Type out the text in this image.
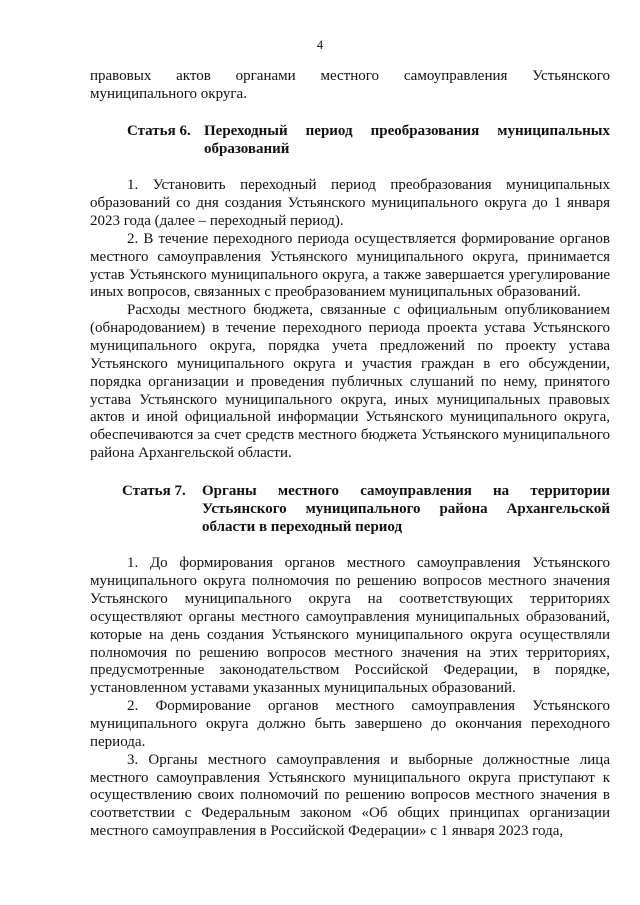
4

правовых актов органами местного самоуправления Устьянского муниципального округа.

Статья 6. Переходный период преобразования муниципальных образований

1. Установить переходный период преобразования муниципальных образований со дня создания Устьянского муниципального округа до 1 января 2023 года (далее – переходный период).

2. В течение переходного периода осуществляется формирование органов местного самоуправления Устьянского муниципального округа, принимается устав Устьянского муниципального округа, а также завершается урегулирование иных вопросов, связанных с преобразованием муниципальных образований.

Расходы местного бюджета, связанные с официальным опубликованием (обнародованием) в течение переходного периода проекта устава Устьянского муниципального округа, порядка учета предложений по проекту устава Устьянского муниципального округа и участия граждан в его обсуждении, порядка организации и проведения публичных слушаний по нему, принятого устава Устьянского муниципального округа, иных муниципальных правовых актов и иной официальной информации Устьянского муниципального округа, обеспечиваются за счет средств местного бюджета Устьянского муниципального района Архангельской области.

Статья 7.	Органы местного самоуправления на территории Устьянского муниципального района Архангельской области в переходный период

1. До формирования органов местного самоуправления Устьянского муниципального округа полномочия по решению вопросов местного значения Устьянского муниципального округа на соответствующих территориях осуществляют органы местного самоуправления муниципальных образований, которые на день создания Устьянского муниципального округа осуществляли полномочия по решению вопросов местного значения на этих территориях, предусмотренные законодательством Российской Федерации, в порядке, установленном уставами указанных муниципальных образований.

2. Формирование органов местного самоуправления Устьянского муниципального округа должно быть завершено до окончания переходного периода.

3. Органы местного самоуправления и выборные должностные лица местного самоуправления Устьянского муниципального округа приступают к осуществлению своих полномочий по решению вопросов местного значения в соответствии с Федеральным законом «Об общих принципах организации местного самоуправления в Российской Федерации» с 1 января 2023 года,
